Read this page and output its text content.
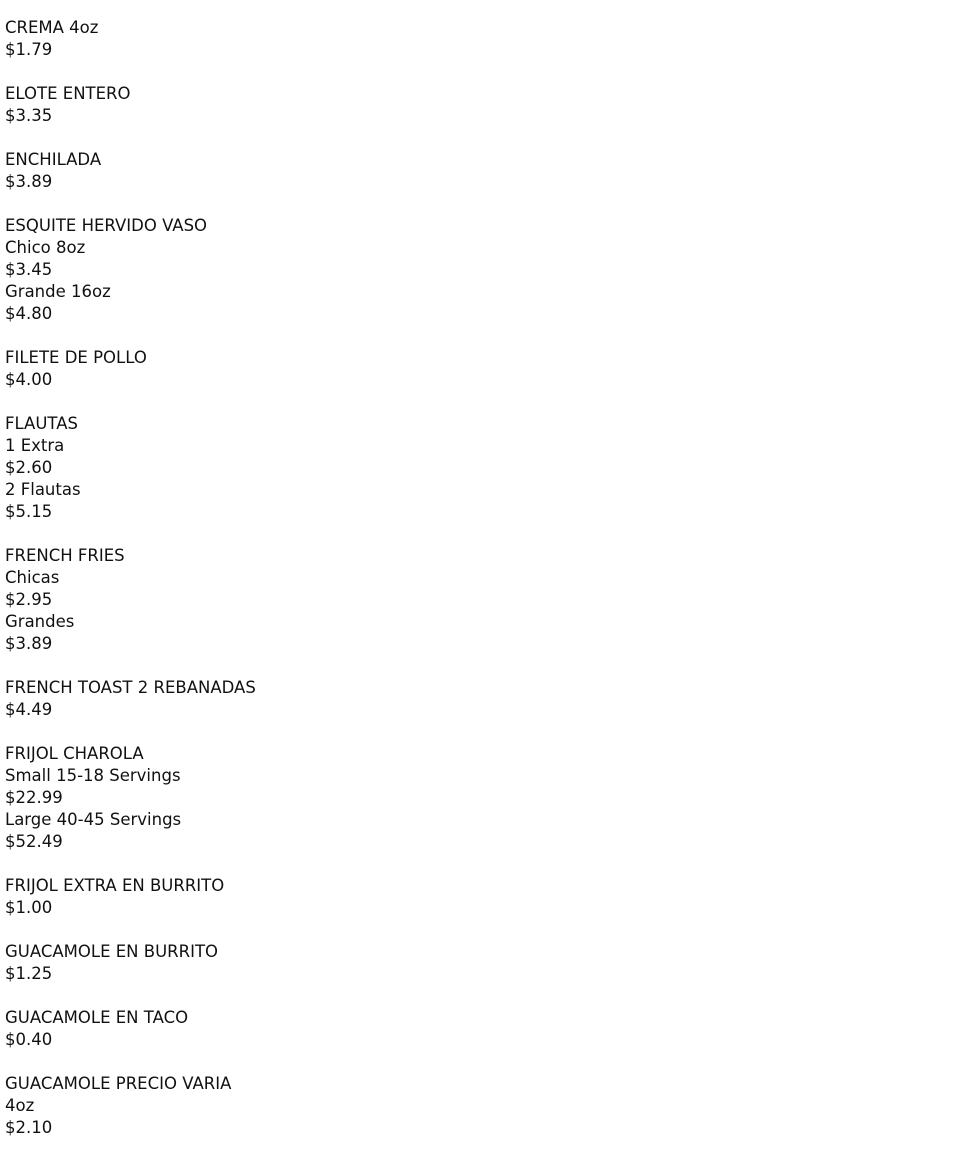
CREMA 4oz
$1.79
ELOTE ENTERO
$3.35
ENCHILADA
$3.89
ESQUITE HERVIDO VASO
Chico 8oz
$3.45
Grande 16oz
$4.80
FILETE DE POLLO
$4.00
FLAUTAS
1 Extra
$2.60
2 Flautas
$5.15
FRENCH FRIES
Chicas
$2.95
Grandes
$3.89
FRENCH TOAST 2 REBANADAS
$4.49
FRIJOL CHAROLA
Small 15-18 Servings
$22.99
Large 40-45 Servings
$52.49
FRIJOL EXTRA EN BURRITO
$1.00
GUACAMOLE EN BURRITO
$1.25
GUACAMOLE EN TACO
$0.40
GUACAMOLE PRECIO VARIA
4oz
$2.10
